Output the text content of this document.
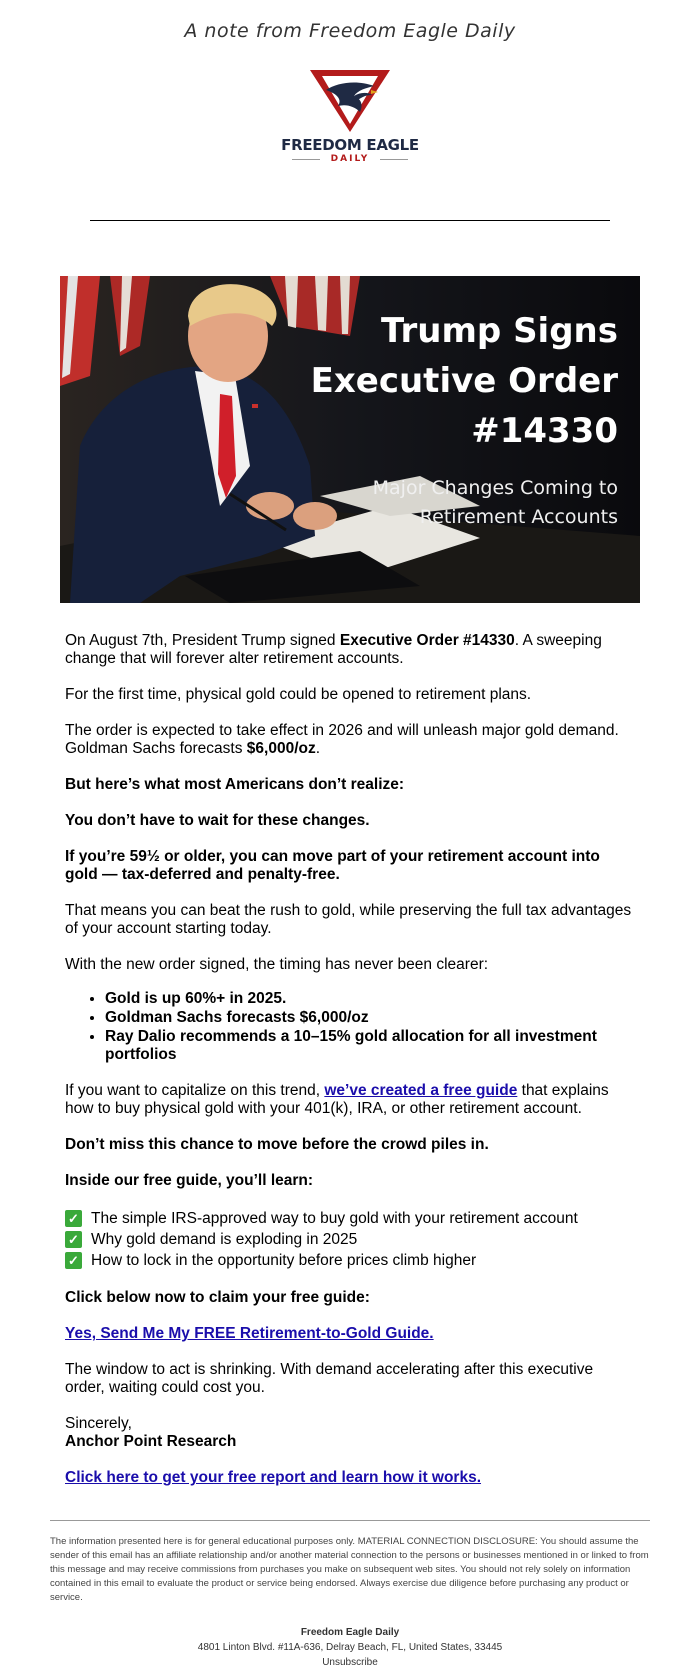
A note from Freedom Eagle Daily
FREEDOM EAGLE
DAILY
Trump Signs
Executive Order
#14330
Major Changes Coming to
Retirement Accounts

On August 7th, President Trump signed Executive Order #14330. A sweeping change that will forever alter retirement accounts.

For the first time, physical gold could be opened to retirement plans.

The order is expected to take effect in 2026 and will unleash major gold demand. Goldman Sachs forecasts $6,000/oz.

But here’s what most Americans don’t realize:

You don’t have to wait for these changes.

If you’re 59½ or older, you can move part of your retirement account into gold — tax-deferred and penalty-free.

That means you can beat the rush to gold, while preserving the full tax advantages of your account starting today.

With the new order signed, the timing has never been clearer:

• Gold is up 60%+ in 2025.
• Goldman Sachs forecasts $6,000/oz
• Ray Dalio recommends a 10–15% gold allocation for all investment portfolios

If you want to capitalize on this trend, we’ve created a free guide that explains how to buy physical gold with your 401(k), IRA, or other retirement account.

Don’t miss this chance to move before the crowd piles in.

Inside our free guide, you’ll learn:

✓ The simple IRS-approved way to buy gold with your retirement account
✓ Why gold demand is exploding in 2025
✓ How to lock in the opportunity before prices climb higher

Click below now to claim your free guide:

Yes, Send Me My FREE Retirement-to-Gold Guide.

The window to act is shrinking. With demand accelerating after this executive order, waiting could cost you.

Sincerely,
Anchor Point Research

Click here to get your free report and learn how it works.

The information presented here is for general educational purposes only. MATERIAL CONNECTION DISCLOSURE: You should assume the sender of this email has an affiliate relationship and/or another material connection to the persons or businesses mentioned in or linked to from this message and may receive commissions from purchases you make on subsequent web sites. You should not rely solely on information contained in this email to evaluate the product or service being endorsed. Always exercise due diligence before purchasing any product or service.
Freedom Eagle Daily
4801 Linton Blvd. #11A-636, Delray Beach, FL, United States, 33445
Unsubscribe
